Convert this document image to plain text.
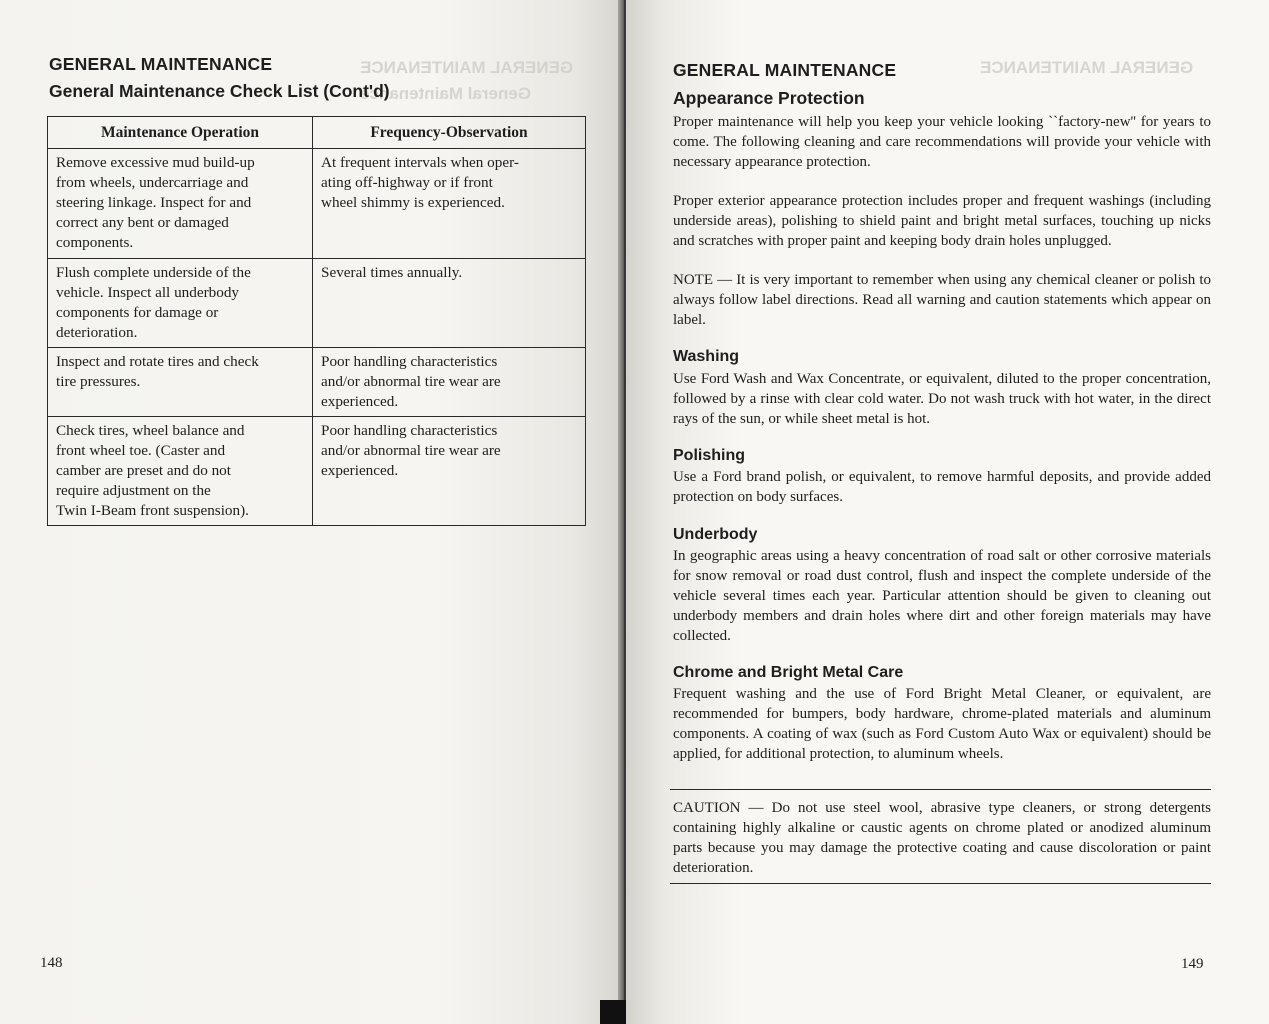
GENERAL MAINTENANCE
General Maintenance
GENERAL MAINTENANCE
General Maintenance Check List (Cont'd)
Maintenance Operation	Frequency-Observation

Remove excessive mud build-up
from wheels, undercarriage and
steering linkage. Inspect for and
correct any bent or damaged
components.	At frequent intervals when oper-
ating off-highway or if front
wheel shimmy is experienced.

Flush complete underside of the
vehicle. Inspect all underbody
components for damage or
deterioration.	Several times annually.

Inspect and rotate tires and check
tire pressures.	Poor handling characteristics
and/or abnormal tire wear are
experienced.

Check tires, wheel balance and
front wheel toe. (Caster and
camber are preset and do not
require adjustment on the
Twin I-Beam front suspension).	Poor handling characteristics
and/or abnormal tire wear are
experienced.
148
GENERAL MAINTENANCE
GENERAL MAINTENANCE
Appearance Protection

Proper maintenance will help you keep your vehicle looking ``factory-new'' for years to come. The following cleaning and care recommendations will provide your vehicle with necessary appearance protection.

Proper exterior appearance protection includes proper and frequent washings (including underside areas), polishing to shield paint and bright metal surfaces, touching up nicks and scratches with proper paint and keeping body drain holes unplugged.

NOTE — It is very important to remember when using any chemical cleaner or polish to always follow label directions. Read all warning and caution statements which appear on label.

Washing

Use Ford Wash and Wax Concentrate, or equivalent, diluted to the proper concentration, followed by a rinse with clear cold water. Do not wash truck with hot water, in the direct rays of the sun, or while sheet metal is hot.

Polishing

Use a Ford brand polish, or equivalent, to remove harmful deposits, and provide added protection on body surfaces.

Underbody

In geographic areas using a heavy concentration of road salt or other corrosive materials for snow removal or road dust control, flush and inspect the complete underside of the vehicle several times each year. Particular attention should be given to cleaning out underbody members and drain holes where dirt and other foreign materials may have collected.

Chrome and Bright Metal Care

Frequent washing and the use of Ford Bright Metal Cleaner, or equivalent, are recommended for bumpers, body hardware, chrome-plated materials and aluminum components. A coating of wax (such as Ford Custom Auto Wax or equivalent) should be applied, for additional protection, to aluminum wheels.

CAUTION — Do not use steel wool, abrasive type cleaners, or strong detergents containing highly alkaline or caustic agents on chrome plated or anodized aluminum parts because you may damage the protective coating and cause discoloration or paint deterioration.

149
